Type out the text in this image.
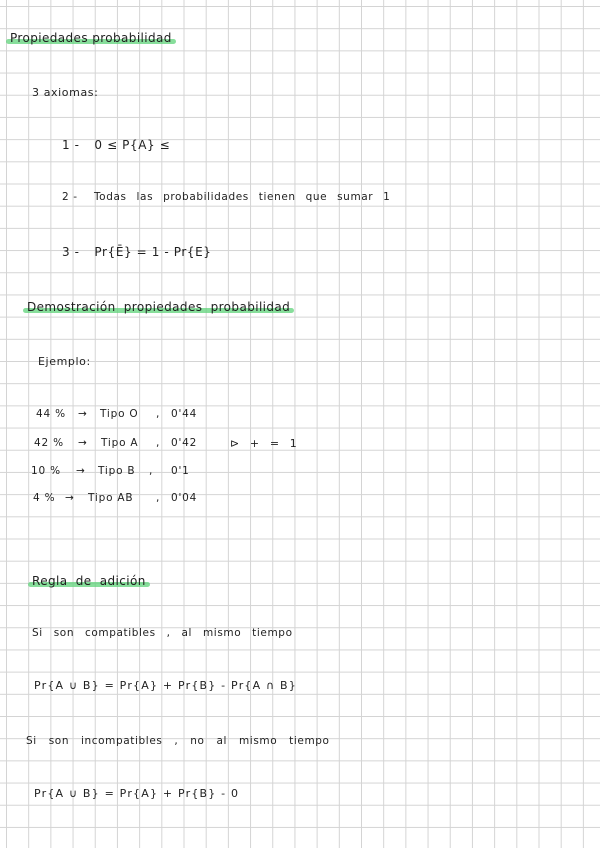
Propiedades probabilidad
3 axiomas:
1 - 0 ≤ P{A} ≤
2 - Todas las probabilidades tienen que sumar 1
3 - Pr{Ē} = 1 - Pr{E}
Demostración propiedades probabilidad
Ejemplo:
44 % → Tipo O , 0'44
42 % → Tipo A , 0'42
10 % → Tipo B , 0'1
4 % → Tipo AB , 0'04
⊳ + = 1
Regla de adición
Si son compatibles , al mismo tiempo
Pr{A ∪ B} = Pr{A} + Pr{B} - Pr{A ∩ B}
Si son incompatibles , no al mismo tiempo
Pr{A ∪ B} = Pr{A} + Pr{B} - 0
